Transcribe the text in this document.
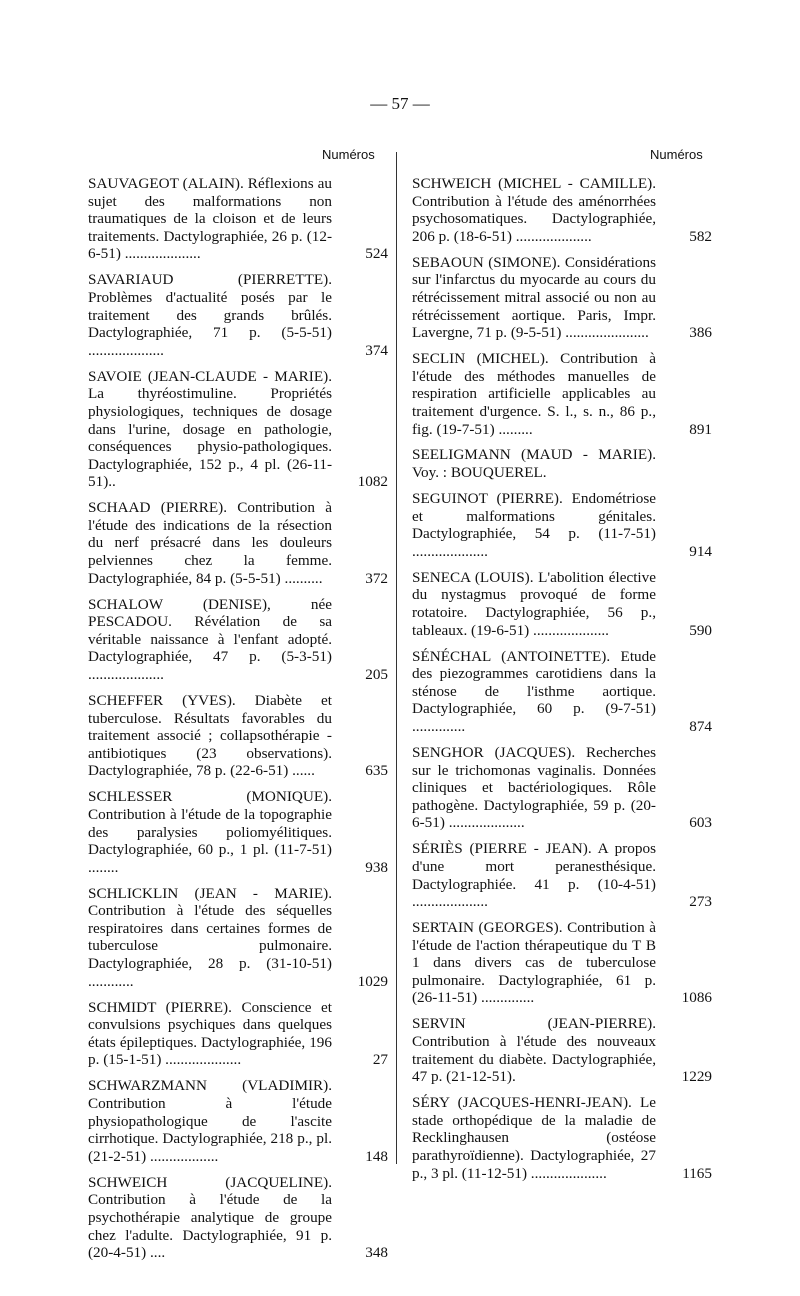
— 57 —
Numéros	Numéros
524
SAUVAGEOT (ALAIN). Réflexions au sujet des malformations non traumatiques de la cloison et de leurs traitements. Dactylographiée, 26 p. (12-6-51) ....................
374
SAVARIAUD (PIERRETTE). Problèmes d'actualité posés par le traitement des grands brûlés. Dactylographiée, 71 p. (5-5-51) ....................
1082
SAVOIE (JEAN-CLAUDE - MARIE). La thyréostimuline. Propriétés physiologiques, techniques de dosage dans l'urine, dosage en pathologie, conséquences physio-pathologiques. Dactylographiée, 152 p., 4 pl. (26-11-51)..
372
SCHAAD (PIERRE). Contribution à l'étude des indications de la résection du nerf présacré dans les douleurs pelviennes chez la femme. Dactylographiée, 84 p. (5-5-51) ..........
205
SCHALOW (DENISE), née PESCADOU. Révélation de sa véritable naissance à l'enfant adopté. Dactylographiée, 47 p. (5-3-51) ....................
635
SCHEFFER (YVES). Diabète et tuberculose. Résultats favorables du traitement associé ; collapsothérapie - antibiotiques (23 observations). Dactylographiée, 78 p. (22-6-51) ......
938
SCHLESSER (MONIQUE). Contribution à l'étude de la topographie des paralysies poliomyélitiques. Dactylographiée, 60 p., 1 pl. (11-7-51) ........
1029
SCHLICKLIN (JEAN - MARIE). Contribution à l'étude des séquelles respiratoires dans certaines formes de tuberculose pulmonaire. Dactylographiée, 28 p. (31-10-51) ............
27
SCHMIDT (PIERRE). Conscience et convulsions psychiques dans quelques états épileptiques. Dactylographiée, 196 p. (15-1-51) ....................
148
SCHWARZMANN (VLADIMIR). Contribution à l'étude physiopathologique de l'ascite cirrhotique. Dactylographiée, 218 p., pl. (21-2-51) ..................
348
SCHWEICH (JACQUELINE). Contribution à l'étude de la psychothérapie analytique de groupe chez l'adulte. Dactylographiée, 91 p. (20-4-51) ....
582
SCHWEICH (MICHEL - CAMILLE). Contribution à l'étude des aménorrhées psychosomatiques. Dactylographiée, 206 p. (18-6-51) ....................
386
SEBAOUN (SIMONE). Considérations sur l'infarctus du myocarde au cours du rétrécissement mitral associé ou non au rétrécissement aortique. Paris, Impr. Lavergne, 71 p. (9-5-51) ......................
891
SECLIN (MICHEL). Contribution à l'étude des méthodes manuelles de respiration artificielle applicables au traitement d'urgence. S. l., s. n., 86 p., fig. (19-7-51) .........
SEELIGMANN (MAUD - MARIE). Voy. : BOUQUEREL.
914
SEGUINOT (PIERRE). Endométriose et malformations génitales. Dactylographiée, 54 p. (11-7-51) ....................
590
SENECA (LOUIS). L'abolition élective du nystagmus provoqué de forme rotatoire. Dactylographiée, 56 p., tableaux. (19-6-51) ....................
874
SÉNÉCHAL (ANTOINETTE). Etude des piezogrammes carotidiens dans la sténose de l'isthme aortique. Dactylographiée, 60 p. (9-7-51) ..............
603
SENGHOR (JACQUES). Recherches sur le trichomonas vaginalis. Données cliniques et bactériologiques. Rôle pathogène. Dactylographiée, 59 p. (20-6-51) ....................
273
SÉRIÈS (PIERRE - JEAN). A propos d'une mort peranesthésique. Dactylographiée. 41 p. (10-4-51) ....................
1086
SERTAIN (GEORGES). Contribution à l'étude de l'action thérapeutique du T B 1 dans divers cas de tuberculose pulmonaire. Dactylographiée, 61 p. (26-11-51) ..............
1229
SERVIN (JEAN-PIERRE). Contribution à l'étude des nouveaux traitement du diabète. Dactylographiée, 47 p. (21-12-51).
1165
SÉRY (JACQUES-HENRI-JEAN). Le stade orthopédique de la maladie de Recklinghausen (ostéose parathyroïdienne). Dactylographiée, 27 p., 3 pl. (11-12-51) ....................
